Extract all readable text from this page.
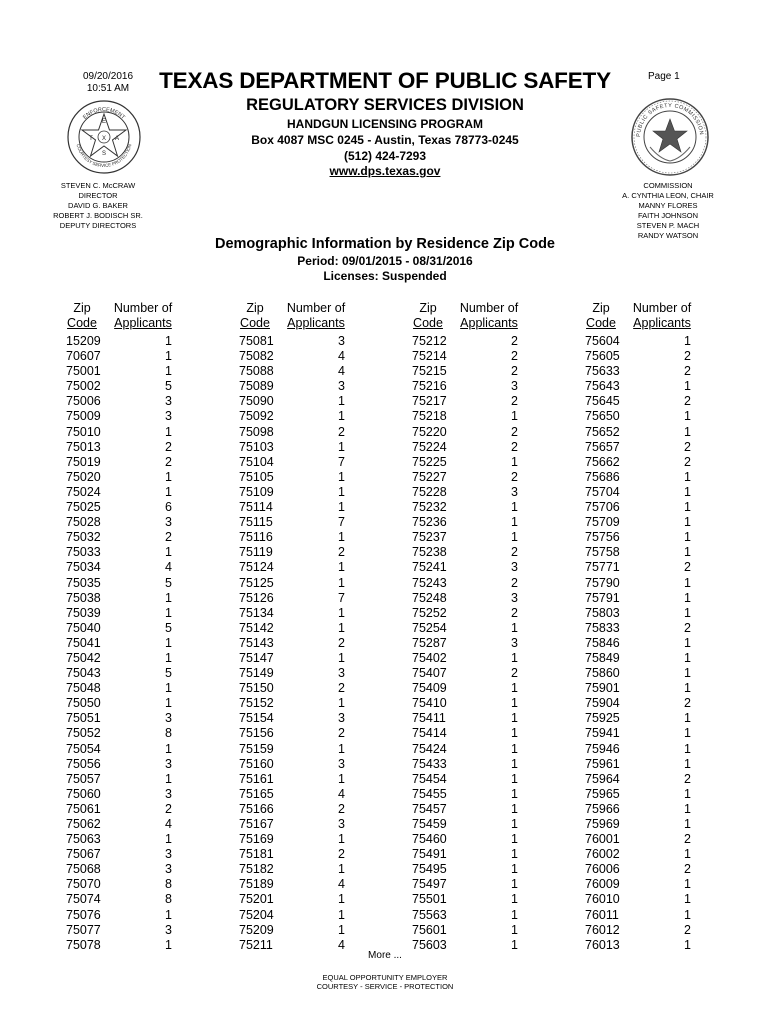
09/20/2016
10:51 AM
Page 1
TEXAS DEPARTMENT OF PUBLIC SAFETY
REGULATORY SERVICES DIVISION
HANDGUN LICENSING PROGRAM
Box 4087 MSC 0245 - Austin, Texas 78773-0245
(512) 424-7293
www.dps.texas.gov
ENFORCEMENT
COURTESY SERVICE PROTECTION
E
T X A
S
PUBLIC SAFETY COMMISSION
STEVEN C. McCRAW
DIRECTOR
DAVID G. BAKER
ROBERT J. BODISCH SR.
DEPUTY DIRECTORS
COMMISSION
A. CYNTHIA LEON, CHAIR
MANNY FLORES
FAITH JOHNSON
STEVEN P. MACH
RANDY WATSON
Demographic Information by Residence Zip Code
Period: 09/01/2015 - 08/31/2016
Licenses: Suspended
Zip
Code
Number of
Applicants
15209	1
70607	1
75001	1
75002	5
75006	3
75009	3
75010	1
75013	2
75019	2
75020	1
75024	1
75025	6
75028	3
75032	2
75033	1
75034	4
75035	5
75038	1
75039	1
75040	5
75041	1
75042	1
75043	5
75048	1
75050	1
75051	3
75052	8
75054	1
75056	3
75057	1
75060	3
75061	2
75062	4
75063	1
75067	3
75068	3
75070	8
75074	8
75076	1
75077	3
75078	1
Zip
Code
Number of
Applicants
75081	3
75082	4
75088	4
75089	3
75090	1
75092	1
75098	2
75103	1
75104	7
75105	1
75109	1
75114	1
75115	7
75116	1
75119	2
75124	1
75125	1
75126	7
75134	1
75142	1
75143	2
75147	1
75149	3
75150	2
75152	1
75154	3
75156	2
75159	1
75160	3
75161	1
75165	4
75166	2
75167	3
75169	1
75181	2
75182	1
75189	4
75201	1
75204	1
75209	1
75211	4
Zip
Code
Number of
Applicants
75212	2
75214	2
75215	2
75216	3
75217	2
75218	1
75220	2
75224	2
75225	1
75227	2
75228	3
75232	1
75236	1
75237	1
75238	2
75241	3
75243	2
75248	3
75252	2
75254	1
75287	3
75402	1
75407	2
75409	1
75410	1
75411	1
75414	1
75424	1
75433	1
75454	1
75455	1
75457	1
75459	1
75460	1
75491	1
75495	1
75497	1
75501	1
75563	1
75601	1
75603	1
Zip
Code
Number of
Applicants
75604	1
75605	2
75633	2
75643	1
75645	2
75650	1
75652	1
75657	2
75662	2
75686	1
75704	1
75706	1
75709	1
75756	1
75758	1
75771	2
75790	1
75791	1
75803	1
75833	2
75846	1
75849	1
75860	1
75901	1
75904	2
75925	1
75941	1
75946	1
75961	1
75964	2
75965	1
75966	1
75969	1
76001	2
76002	1
76006	2
76009	1
76010	1
76011	1
76012	2
76013	1
More ...
EQUAL OPPORTUNITY EMPLOYER
COURTESY - SERVICE - PROTECTION
